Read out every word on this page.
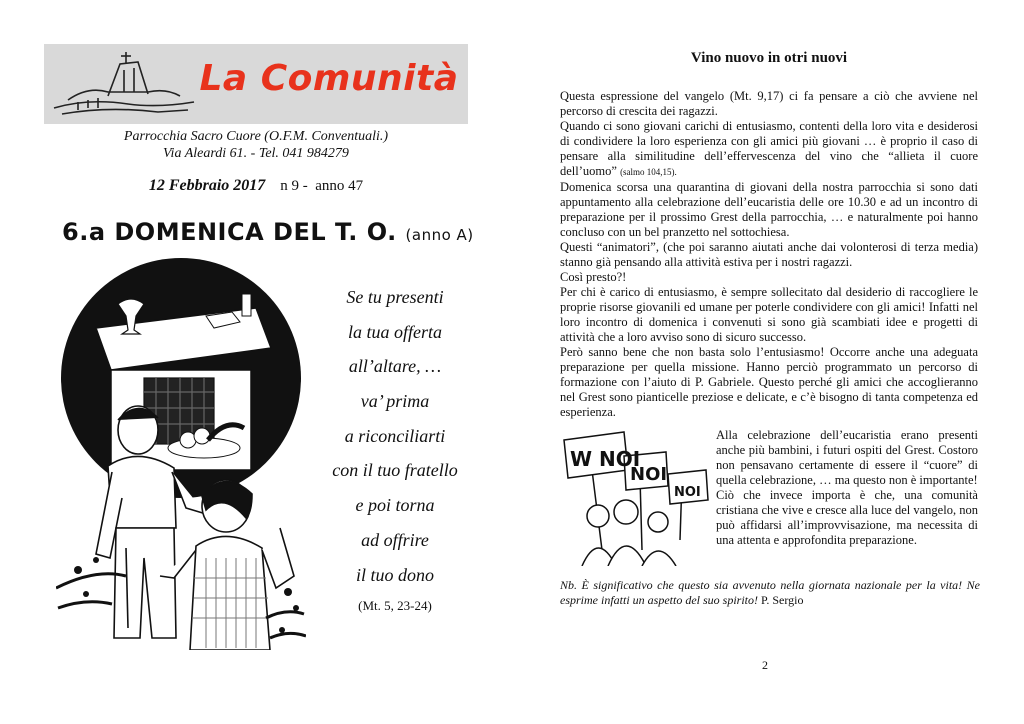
La Comunità
Parrocchia Sacro Cuore (O.F.M. Conventuali.)
Via Aleardi 61. - Tel. 041 984279
12 Febbraio 2017 n 9 - anno 47
6.a DOMENICA DEL T. O. (anno A)
Se tu presenti
la tua offerta
all’altare, …
va’ prima
a riconciliarti
con il tuo fratello
e poi torna
ad offrire
il tuo dono
(Mt. 5, 23-24)
Vino nuovo in otri nuovi

Questa espressione del vangelo (Mt. 9,17) ci fa pensare a ciò che avviene nel percorso di crescita dei ragazzi.

Quando ci sono giovani carichi di entusiasmo, contenti della loro vita e desiderosi di condividere la loro esperienza con gli amici più giovani … è proprio il caso di pensare alla similitudine dell’effervescenza del vino che “allieta il cuore dell’uomo” (salmo 104,15).

Domenica scorsa una quarantina di giovani della nostra parrocchia si sono dati appuntamento alla celebrazione dell’eucaristia delle ore 10.30 e ad un incontro di preparazione per il prossimo Grest della parrocchia, … e naturalmente poi hanno concluso con un bel pranzetto nel sottochiesa.

Questi “animatori”, (che poi saranno aiutati anche dai volonterosi di terza media) stanno già pensando alla attività estiva per i nostri ragazzi.

Così presto?!

Per chi è carico di entusiasmo, è sempre sollecitato dal desiderio di raccogliere le proprie risorse giovanili ed umane per poterle condividere con gli amici! Infatti nel loro incontro di domenica i convenuti si sono già scambiati idee e progetti di attività che a loro avviso sono di sicuro successo.

Però sanno bene che non basta solo l’entusiasmo! Occorre anche una adeguata preparazione per quella missione. Hanno perciò programmato un percorso di formazione con l’aiuto di P. Gabriele. Questo perché gli amici che accoglieranno nel Grest sono pianticelle preziose e delicate, e c’è bisogno di tanta competenza ed esperienza.

W NOI
NOI
NOI

Alla celebrazione dell’eucaristia erano presenti anche più bambini, i futuri ospiti del Grest. Costoro non pensavano certamente di essere il “cuore” di quella celebrazione, … ma questo non è importante!

Ciò che invece importa è che, una comunità cristiana che vive e cresce alla luce del vangelo, non può affidarsi all’improvvisazione, ma necessita di una attenta e approfondita preparazione.

Nb. È significativo che questo sia avvenuto nella giornata nazionale per la vita! Ne esprime infatti un aspetto del suo spirito! P. Sergio
2
